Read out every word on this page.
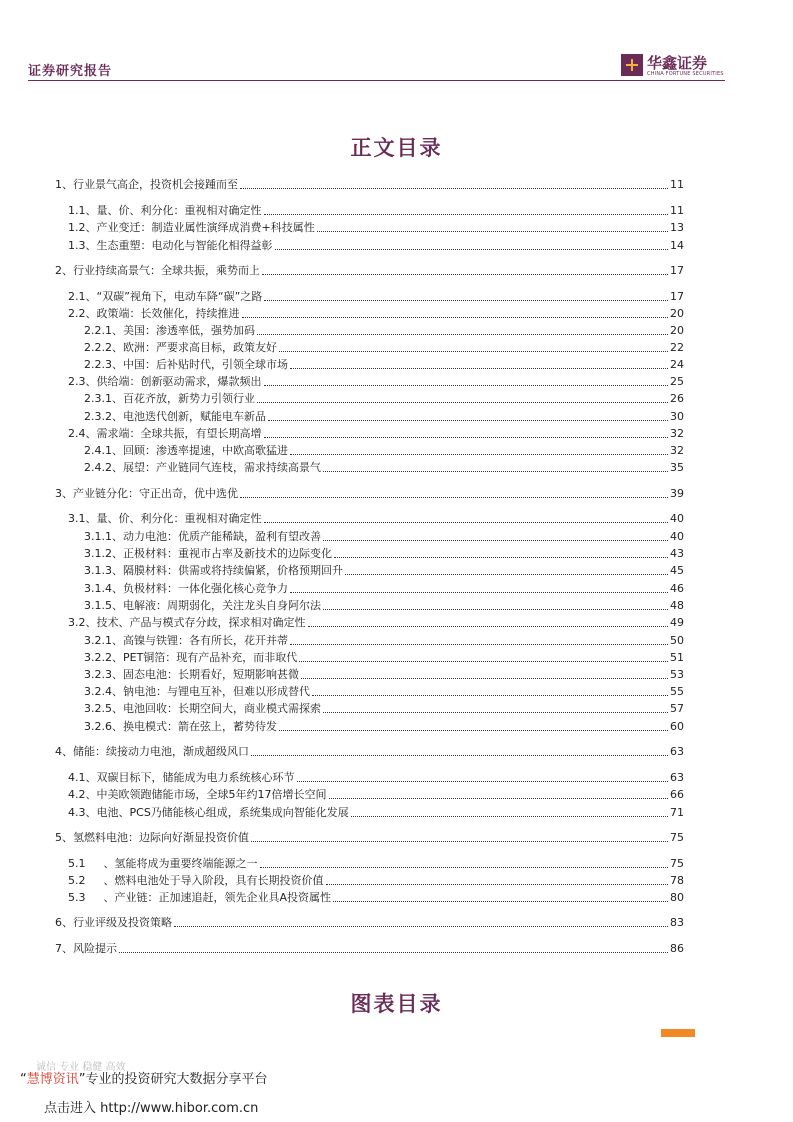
证券研究报告	华鑫证券
CHINA FORTUNE SECURITIES
正文目录
1、 行业景气高企，投资机会接踵而至	11
1.1、 量、价、利分化：重视相对确定性	11
1.2、 产业变迁：制造业属性演绎成消费+科技属性	13
1.3、 生态重塑：电动化与智能化相得益彰	14
2、 行业持续高景气：全球共振，乘势而上	17
2.1、 “双碳”视角下，电动车降“碳”之路	17
2.2、 政策端：长效催化，持续推进	20
2.2.1、 美国：渗透率低，强势加码	20
2.2.2、 欧洲：严要求高目标，政策友好	22
2.2.3、 中国：后补贴时代，引领全球市场	24
2.3、 供给端：创新驱动需求，爆款频出	25
2.3.1、 百花齐放，新势力引领行业	26
2.3.2、 电池迭代创新，赋能电车新品	30
2.4、 需求端：全球共振，有望长期高增	32
2.4.1、 回顾：渗透率提速，中欧高歌猛进	32
2.4.2、 展望：产业链同气连枝，需求持续高景气	35
3、 产业链分化：守正出奇，优中选优	39
3.1、 量、价、利分化：重视相对确定性	40
3.1.1、 动力电池：优质产能稀缺，盈利有望改善	40
3.1.2、 正极材料：重视市占率及新技术的边际变化	43
3.1.3、 隔膜材料：供需或将持续偏紧，价格预期回升	45
3.1.4、 负极材料：一体化强化核心竞争力	46
3.1.5、 电解液：周期弱化，关注龙头自身阿尔法	48
3.2、 技术、产品与模式存分歧，探求相对确定性	49
3.2.1、 高镍与铁锂：各有所长，花开并蒂	50
3.2.2、 PET铜箔：现有产品补充，而非取代	51
3.2.3、 固态电池：长期看好，短期影响甚微	53
3.2.4、 钠电池：与锂电互补，但难以形成替代	55
3.2.5、 电池回收：长期空间大，商业模式需探索	57
3.2.6、 换电模式：箭在弦上，蓄势待发	60
4、 储能：续接动力电池，渐成超级风口	63
4.1、 双碳目标下，储能成为电力系统核心环节	63
4.2、 中美欧领跑储能市场，全球5年约17倍增长空间	66
4.3、 电池、PCS乃储能核心组成，系统集成向智能化发展	71
5、 氢燃料电池：边际向好渐显投资价值	75
5.1 、氢能将成为重要终端能源之一	75
5.2 、燃料电池处于导入阶段，具有长期投资价值	78
5.3 、产业链：正加速追赶，领先企业具A投资属性	80
6、 行业评级及投资策略	83
7、 风险提示	86
图表目录
诚信 专业 稳健 高效
“慧博资讯”专业的投资研究大数据分享平台
点击进入 http://www.hibor.com.cn
